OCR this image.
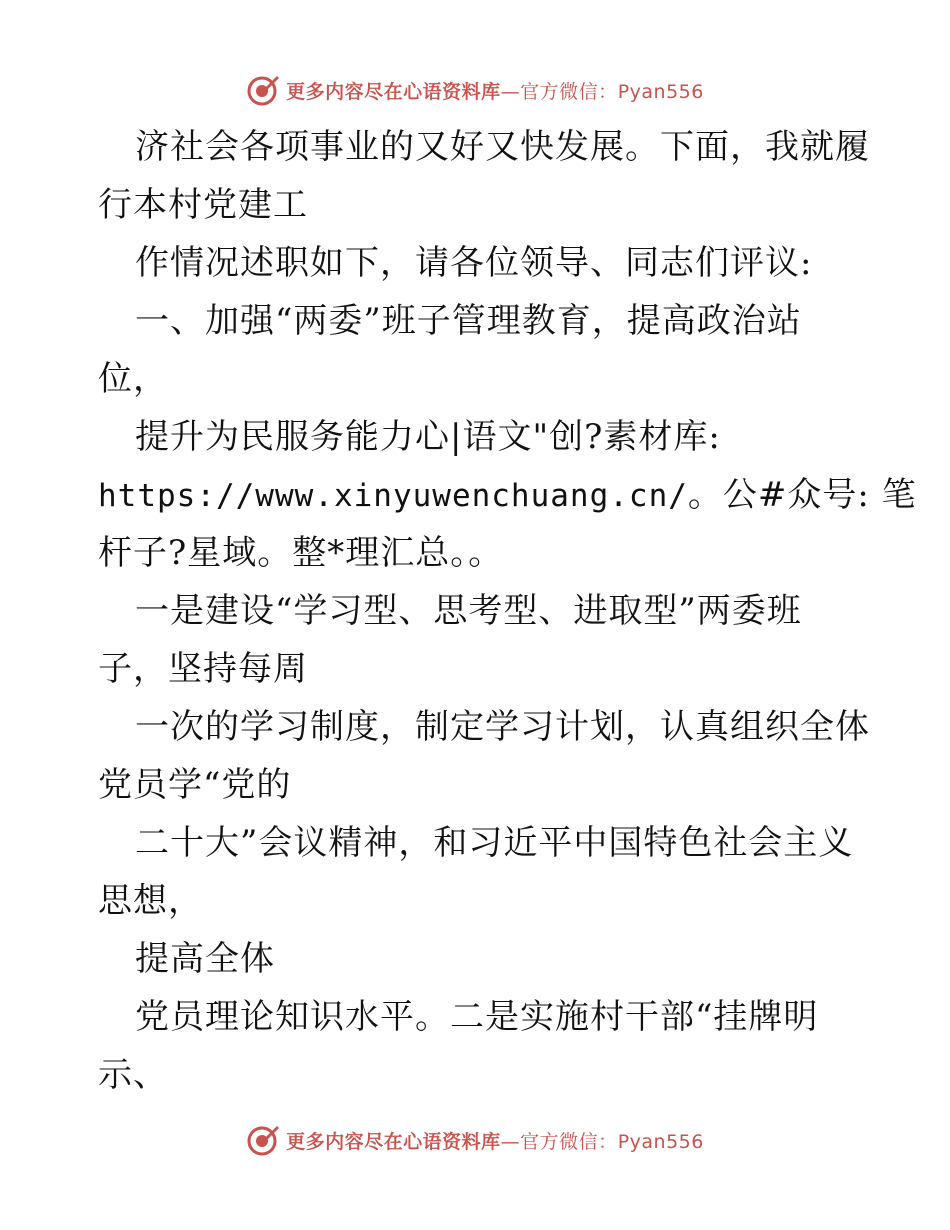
更多内容尽在心语资料库—官方微信：Pyan556
济社会各项事业的又好又快发展。下面，我就履
行本村党建工
作情况述职如下，请各位领导、同志们评议:
一、加强“两委”班子管理教育，提高政治站
位，
提升为民服务能力心|语文"创?素材库:
https://www.xinyuwenchuang.cn/。公#众号: 笔
杆子?星域。整*理汇总。。
一是建设“学习型、思考型、进取型”两委班
子，坚持每周
一次的学习制度，制定学习计划，认真组织全体
党员学“党的
二十大”会议精神，和习近平中国特色社会主义
思想，
提高全体
党员理论知识水平。二是实施村干部“挂牌明
示、
更多内容尽在心语资料库—官方微信：Pyan556
